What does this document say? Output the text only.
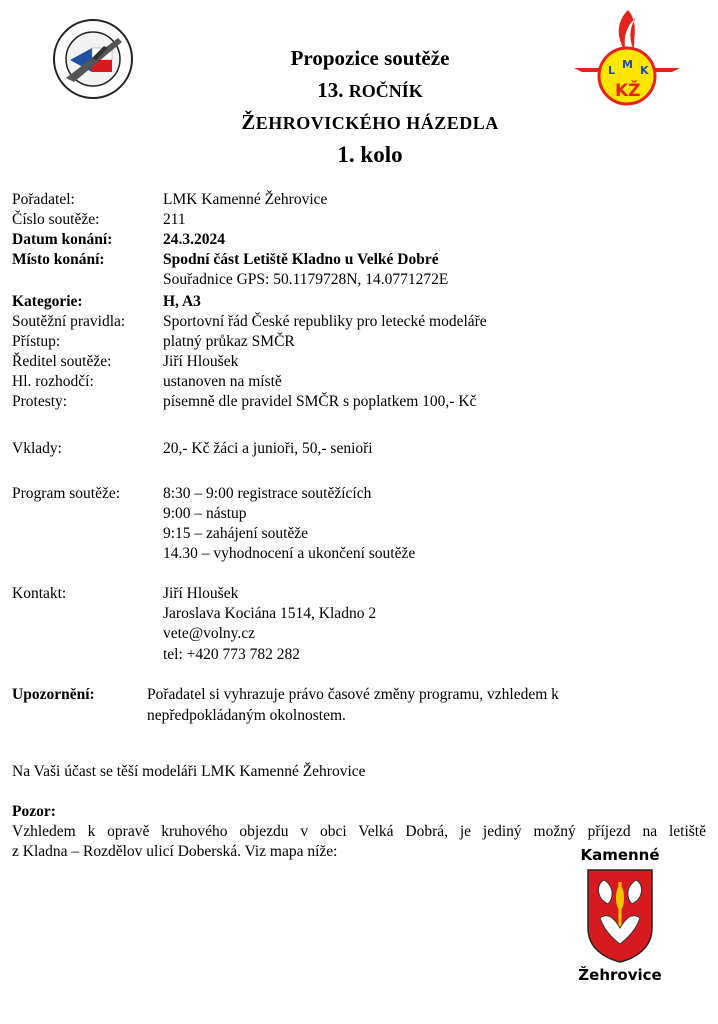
L M K
KŽ
Propozice soutěže
13. ROČNÍK
ŽEHROVICKÉHO HÁZEDLA
1. kolo
Pořadatel:	LMK Kamenné Žehrovice
Číslo soutěže:	211
Datum konání:	24.3.2024
Místo konání:	Spodní část Letiště Kladno u Velké Dobré
Souřadnice GPS: 50.1179728N, 14.0771272E
Kategorie:	H, A3
Soutěžní pravidla: Sportovní řád České republiky pro letecké modeláře
Přístup:	platný průkaz SMČR
Ředitel soutěže:	Jiří Hloušek
Hl. rozhodčí:	ustanoven na místě
Protesty:	písemně dle pravidel SMČR s poplatkem 100,- Kč
Vklady:	20,- Kč žáci a junioři, 50,- senioři
Program soutěže:	8:30 – 9:00 registrace soutěžících
9:00 – nástup
9:15 – zahájení soutěže
14.30 – vyhodnocení a ukončení soutěže
Kontakt:	Jiří Hloušek
Jaroslava Kociána 1514, Kladno 2
vete@volny.cz
tel: +420 773 782 282
Upozornění:	Pořadatel si vyhrazuje právo časové změny programu, vzhledem k
nepředpokládaným okolnostem.
Na Vaši účast se těší modeláři LMK Kamenné Žehrovice
Pozor:
Vzhledem k opravě kruhového objezdu v obci Velká Dobrá, je jediný možný příjezd na letiště
z Kladna – Rozdělov ulicí Doberská. Viz mapa níže:	Kamenné
Žehrovice
